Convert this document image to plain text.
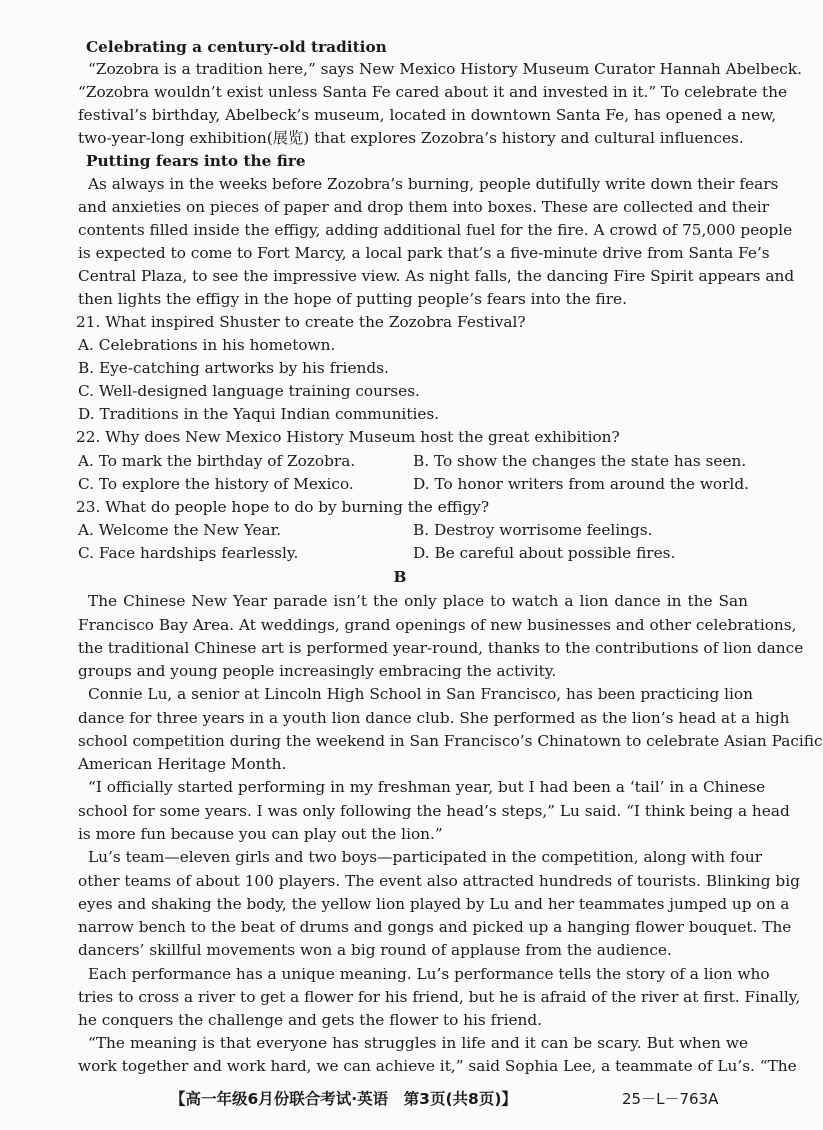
Celebrating a century-old tradition
“Zozobra is a tradition here,” says New Mexico History Museum Curator Hannah Abelbeck.
“Zozobra wouldn’t exist unless Santa Fe cared about it and invested in it.” To celebrate the
festival’s birthday, Abelbeck’s museum, located in downtown Santa Fe, has opened a new,
two-year-long exhibition(展览) that explores Zozobra’s history and cultural influences.
Putting fears into the fire
As always in the weeks before Zozobra’s burning, people dutifully write down their fears
and anxieties on pieces of paper and drop them into boxes. These are collected and their
contents filled inside the effigy, adding additional fuel for the fire. A crowd of 75,000 people
is expected to come to Fort Marcy, a local park that’s a five-minute drive from Santa Fe’s
Central Plaza, to see the impressive view. As night falls, the dancing Fire Spirit appears and
then lights the effigy in the hope of putting people’s fears into the fire.
21. What inspired Shuster to create the Zozobra Festival?
A. Celebrations in his hometown.
B. Eye-catching artworks by his friends.
C. Well-designed language training courses.
D. Traditions in the Yaqui Indian communities.
22. Why does New Mexico History Museum host the great exhibition?
A. To mark the birthday of Zozobra.	B. To show the changes the state has seen.
C. To explore the history of Mexico.	D. To honor writers from around the world.
23. What do people hope to do by burning the effigy?
A. Welcome the New Year.	B. Destroy worrisome feelings.
C. Face hardships fearlessly.	D. Be careful about possible fires.
B
The Chinese New Year parade isn’t the only place to watch a lion dance in the San
Francisco Bay Area. At weddings, grand openings of new businesses and other celebrations,
the traditional Chinese art is performed year-round, thanks to the contributions of lion dance
groups and young people increasingly embracing the activity.
Connie Lu, a senior at Lincoln High School in San Francisco, has been practicing lion
dance for three years in a youth lion dance club. She performed as the lion’s head at a high
school competition during the weekend in San Francisco’s Chinatown to celebrate Asian Pacific
American Heritage Month.
“I officially started performing in my freshman year, but I had been a ‘tail’ in a Chinese
school for some years. I was only following the head’s steps,” Lu said. “I think being a head
is more fun because you can play out the lion.”
Lu’s team—eleven girls and two boys—participated in the competition, along with four
other teams of about 100 players. The event also attracted hundreds of tourists. Blinking big
eyes and shaking the body, the yellow lion played by Lu and her teammates jumped up on a
narrow bench to the beat of drums and gongs and picked up a hanging flower bouquet. The
dancers’ skillful movements won a big round of applause from the audience.
Each performance has a unique meaning. Lu’s performance tells the story of a lion who
tries to cross a river to get a flower for his friend, but he is afraid of the river at first. Finally,
he conquers the challenge and gets the flower to his friend.
“The meaning is that everyone has struggles in life and it can be scary. But when we
work together and work hard, we can achieve it,” said Sophia Lee, a teammate of Lu’s. “The
【高一年级6月份联合考试·英语　第3页(共8页)】	25－L－763A
